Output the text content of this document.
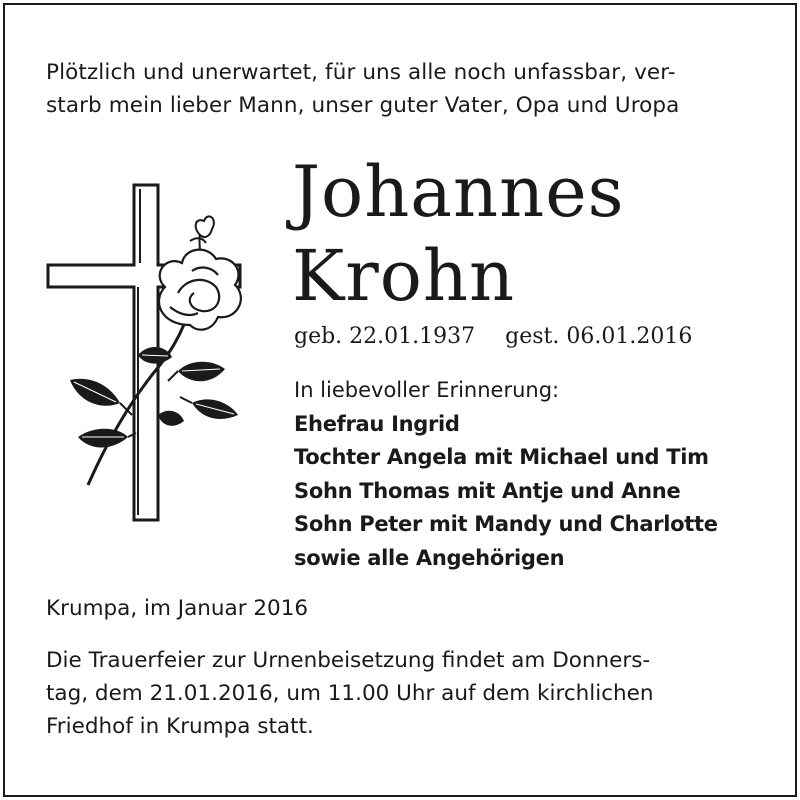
Plötzlich und unerwartet, für uns alle noch unfassbar, ver-
starb mein lieber Mann, unser guter Vater, Opa und Uropa
Johannes
Krohn
geb. 22.01.1937 gest. 06.01.2016
In liebevoller Erinnerung:
Ehefrau Ingrid
Tochter Angela mit Michael und Tim
Sohn Thomas mit Antje und Anne
Sohn Peter mit Mandy und Charlotte
sowie alle Angehörigen
Krumpa, im Januar 2016
Die Trauerfeier zur Urnenbeisetzung findet am Donners-
tag, dem 21.01.2016, um 11.00 Uhr auf dem kirchlichen
Friedhof in Krumpa statt.
